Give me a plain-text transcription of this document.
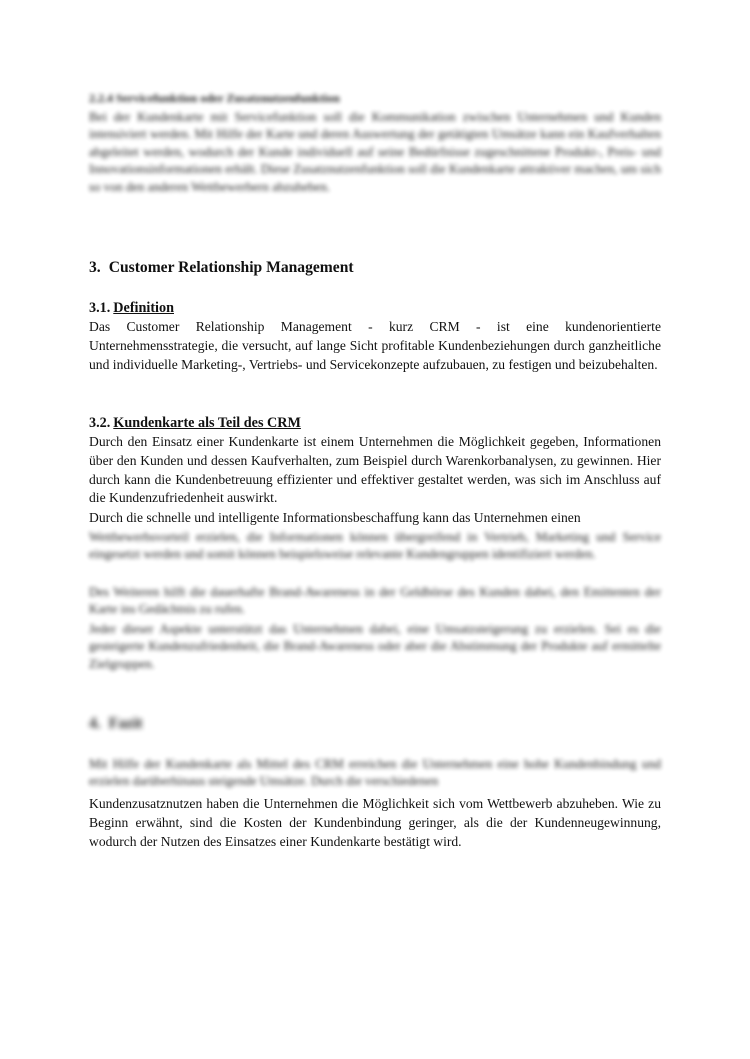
2.2.4 Servicefunktion oder Zusatznutzenfunktion

Bei der Kundenkarte mit Servicefunktion soll die Kommunikation zwischen Unternehmen und Kunden intensiviert werden. Mit Hilfe der Karte und deren Auswertung der getätigten Umsätze kann ein Kaufverhalten abgeleitet werden, wodurch der Kunde individuell auf seine Bedürfnisse zugeschnittene Produkt-, Preis- und Innovationsinformationen erhält. Diese Zusatznutzenfunktion soll die Kundenkarte attraktiver machen, um sich so von den anderen Wettbewerbern abzuheben.

3. Customer Relationship Management
3.1. Definition

Das Customer Relationship Management - kurz CRM - ist eine kundenorientierte Unternehmensstrategie, die versucht, auf lange Sicht profitable Kundenbeziehungen durch ganzheitliche und individuelle Marketing-, Vertriebs- und Servicekonzepte aufzubauen, zu festigen und beizubehalten.

3.2. Kundenkarte als Teil des CRM

Durch den Einsatz einer Kundenkarte ist einem Unternehmen die Möglichkeit gegeben, Informationen über den Kunden und dessen Kaufverhalten, zum Beispiel durch Warenkorbanalysen, zu gewinnen. Hier durch kann die Kundenbetreuung effizienter und effektiver gestaltet werden, was sich im Anschluss auf die Kundenzufriedenheit auswirkt.

Durch die schnelle und intelligente Informationsbeschaffung kann das Unternehmen einen

Wettbewerbsvorteil erzielen, die Informationen können übergreifend in Vertrieb, Marketing und Service eingesetzt werden und somit können beispielsweise relevante Kundengruppen identifiziert werden.

Des Weiteren hilft die dauerhafte Brand-Awareness in der Geldbörse des Kunden dabei, den Emittenten der Karte ins Gedächtnis zu rufen.

Jeder dieser Aspekte unterstützt das Unternehmen dabei, eine Umsatzsteigerung zu erzielen. Sei es die gesteigerte Kundenzufriedenheit, die Brand-Awareness oder aber die Abstimmung der Produkte auf ermittelte Zielgruppen.

4. Fazit

Mit Hilfe der Kundenkarte als Mittel des CRM erreichen die Unternehmen eine hohe Kundenbindung und erzielen darüberhinaus steigende Umsätze. Durch die verschiedenen

Kundenzusatznutzen haben die Unternehmen die Möglichkeit sich vom Wettbewerb abzuheben. Wie zu Beginn erwähnt, sind die Kosten der Kundenbindung geringer, als die der Kundenneugewinnung, wodurch der Nutzen des Einsatzes einer Kundenkarte bestätigt wird.
